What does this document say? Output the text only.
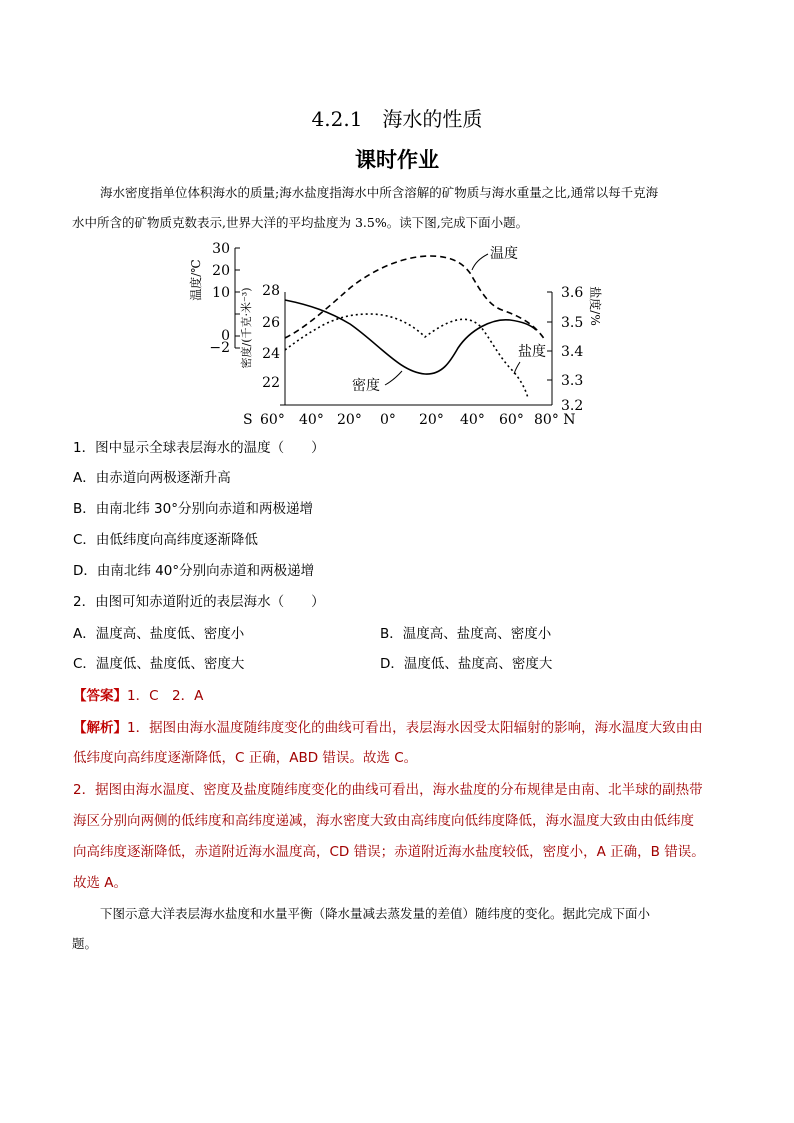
4.2.1　海水的性质
课时作业
海水密度指单位体积海水的质量;海水盐度指海水中所含溶解的矿物质与海水重量之比,通常以每千克海
水中所含的矿物质克数表示,世界大洋的平均盐度为 3.5%。读下图,完成下面小题。
温度/℃
30
20
10
0
−2 密度/(千克·米⁻³) 28
26
24
22
S 60° 40° 20° 0° 20° 40° 60° 80° N
3.6
3.5
3.4
3.3
3.2
盐度/%
温度
盐度
密度
1．图中显示全球表层海水的温度（　　）
A．由赤道向两极逐渐升高
B．由南北纬 30°分别向赤道和两极递增
C．由低纬度向高纬度逐渐降低
D．由南北纬 40°分别向赤道和两极递增
2．由图可知赤道附近的表层海水（　　）
A．温度高、盐度低、密度小	B．温度高、盐度高、密度小
C．温度低、盐度低、密度大	D．温度低、盐度高、密度大
【答案】1．C　2．A
【解析】1．据图由海水温度随纬度变化的曲线可看出，表层海水因受太阳辐射的影响，海水温度大致由由
低纬度向高纬度逐渐降低，C 正确，ABD 错误。故选 C。
2．据图由海水温度、密度及盐度随纬度变化的曲线可看出，海水盐度的分布规律是由南、北半球的副热带
海区分别向两侧的低纬度和高纬度递减，海水密度大致由高纬度向低纬度降低，海水温度大致由由低纬度
向高纬度逐渐降低，赤道附近海水温度高，CD 错误；赤道附近海水盐度较低，密度小，A 正确，B 错误。
故选 A。
下图示意大洋表层海水盐度和水量平衡（降水量减去蒸发量的差值）随纬度的变化。据此完成下面小
题。
